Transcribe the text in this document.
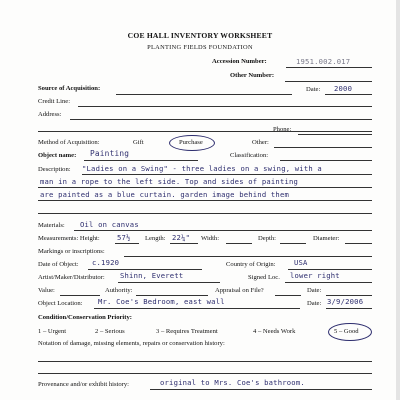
COE HALL INVENTORY WORKSHEET
PLANTING FIELDS FOUNDATION
Accession Number:	1951.002.017
Other Number:
Source of Acquisition:	Date: 2000
Credit Line:
Address:
Phone:
Method of Acquisition:	Gift	Purchase	Other:
Object name: Painting	Classification:
Description: "Ladies on a Swing" - three ladies on a swing, with a
man in a rope to the left side. Top and sides of painting
are painted as a blue curtain. garden image behind them
Materials: Oil on canvas
Measurements: Height: 57½ Length: 22¼" Width:	Depth:	Diameter:
Markings or inscriptions:
Date of Object: c.1920	Country of Origin:	USA
Artist/Maker/Distributor: Shinn, Everett	Signed Loc. lower right
Value:	Authority:	Appraisal on File?	Date:
Object Location: Mr. Coe's Bedroom, east wall	Date: 3/9/2006
Condition/Conservation Priority:
1 – Urgent	2 – Serious	3 – Requires Treatment	4 – Needs Work	5 – Good
Notation of damage, missing elements, repairs or conservation history:
Provenance and/or exhibit history:	original to Mrs. Coe's bathroom.
